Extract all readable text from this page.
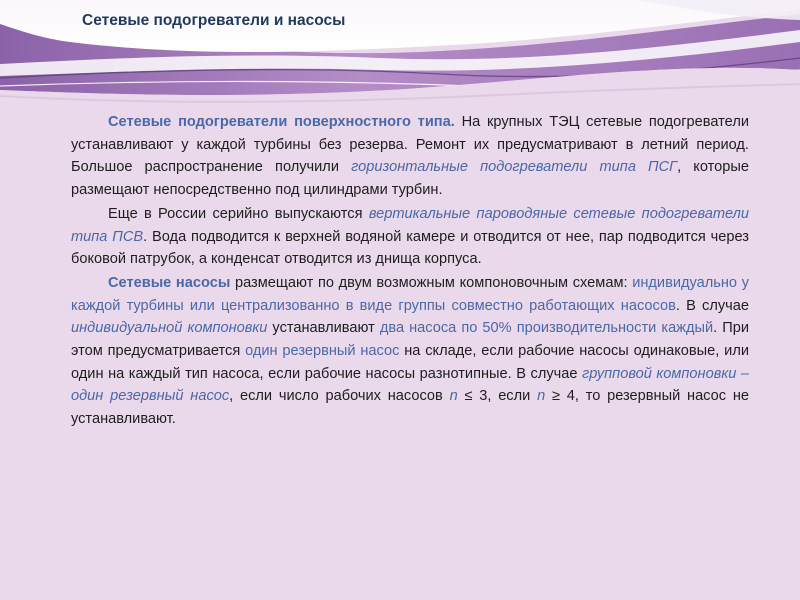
Сетевые подогреватели и насосы

Сетевые подогреватели поверхностного типа. На крупных ТЭЦ сетевые подогреватели устанавливают у каждой турбины без резерва. Ремонт их предусматривают в летний период. Большое распространение получили горизонтальные подогреватели типа ПСГ, которые размещают непосредственно под цилиндрами турбин.

Еще в России серийно выпускаются вертикальные пароводяные сетевые подогреватели типа ПСВ. Вода подводится к верхней водяной камере и отводится от нее, пар подводится через боковой патрубок, а конденсат отводится из днища корпуса.

Сетевые насосы размещают по двум возможным компоновочным схемам: индивидуально у каждой турбины или централизованно в виде группы совместно работающих насосов. В случае индивидуальной компоновки устанавливают два насоса по 50% производительности каждый. При этом предусматривается один резервный насос на складе, если рабочие насосы одинаковые, или один на каждый тип насоса, если рабочие насосы разнотипные. В случае групповой компоновки – один резервный насос, если число рабочих насосов n ≤ 3, если n ≥ 4, то резервный насос не устанавливают.
